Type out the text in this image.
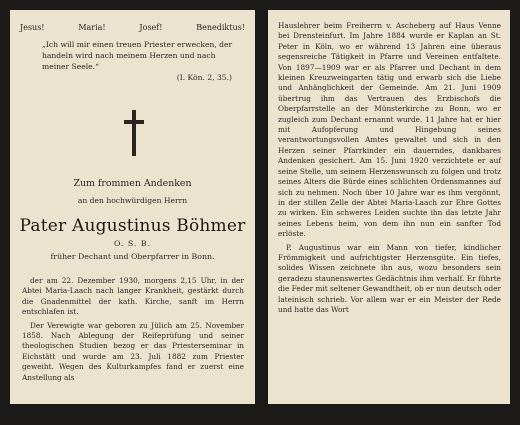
Jesus!	Maria!	Josef!	Benediktus!
„Ich will mir einen treuen Priester erwecken, der handeln wird nach meinem Herzen und nach meiner Seele.“
(I. Kön. 2, 35.)
Zum frommen Andenken
an den hochwürdigen Herrn
Pater Augustinus Böhmer
O. S. B.
früher Dechant und Oberpfarrer in Bonn.

der am 22. Dezember 1930, morgens 2,15 Uhr, in der Abtei Maria-Laach nach langer Krankheit, gestärkt durch die Gnadenmittel der kath. Kirche, sanft im Herrn entschlafen ist.

Der Verewigte war geboren zu Jülich am 25. November 1858. Nach Ablegung der Reifeprüfung und seiner theologischen Studien bezog er das Priesterseminar in Eichstätt und wurde am 23. Juli 1882 zum Priester geweiht. Wegen des Kulturkampfes fand er zuerst eine Anstellung als

Hauslehrer beim Freiherrn v. Ascheberg auf Haus Venne bei Drensteinfurt. Im Jahre 1884 wurde er Kaplan an St. Peter in Köln, wo er während 13 Jahren eine überaus segensreiche Tätigkeit in Pfarre und Vereinen entfaltete. Von 1897—1909 war er als Pfarrer und Dechant in dem kleinen Kreuzweingarten tätig und erwarb sich die Liebe und Anhänglichkeit der Gemeinde. Am 21. Juni 1909 übertrug ihm das Vertrauen des Erzbischofs die Oberpfarrstelle an der Münsterkirche zu Bonn, wo er zugleich zum Dechant ernannt wurde. 11 Jahre hat er hier mit Aufopferung und Hingebung seines verantwortungsvollen Amtes gewaltet und sich in den Herzen seiner Pfarrkinder ein dauerndes, dankbares Andenken gesichert. Am 15. Juni 1920 verzichtete er auf seine Stelle, um seinem Herzenswunsch zu folgen und trotz seines Alters die Bürde eines schlichten Ordensmannes auf sich zu nehmen. Noch über 10 Jahre war es ihm vergönnt, in der stillen Zelle der Abtei Maria-Laach zur Ehre Gottes zu wirken. Ein schweres Leiden suchte ihn das letzte Jahr seines Lebens heim, von dem ihn nun ein sanfter Tod erlöste.

P. Augustinus war ein Mann von tiefer, kindlicher Frömmigkeit und aufrichtigster Herzensgüte. Ein tiefes, solides Wissen zeichnete ihn aus, wozu besonders sein geradezu staunenswertes Gedächtnis ihm verhalf. Er führte die Feder mit seltener Gewandtheit, ob er nun deutsch oder lateinisch schrieb. Vor allem war er ein Meister der Rede und hatte das Wort
